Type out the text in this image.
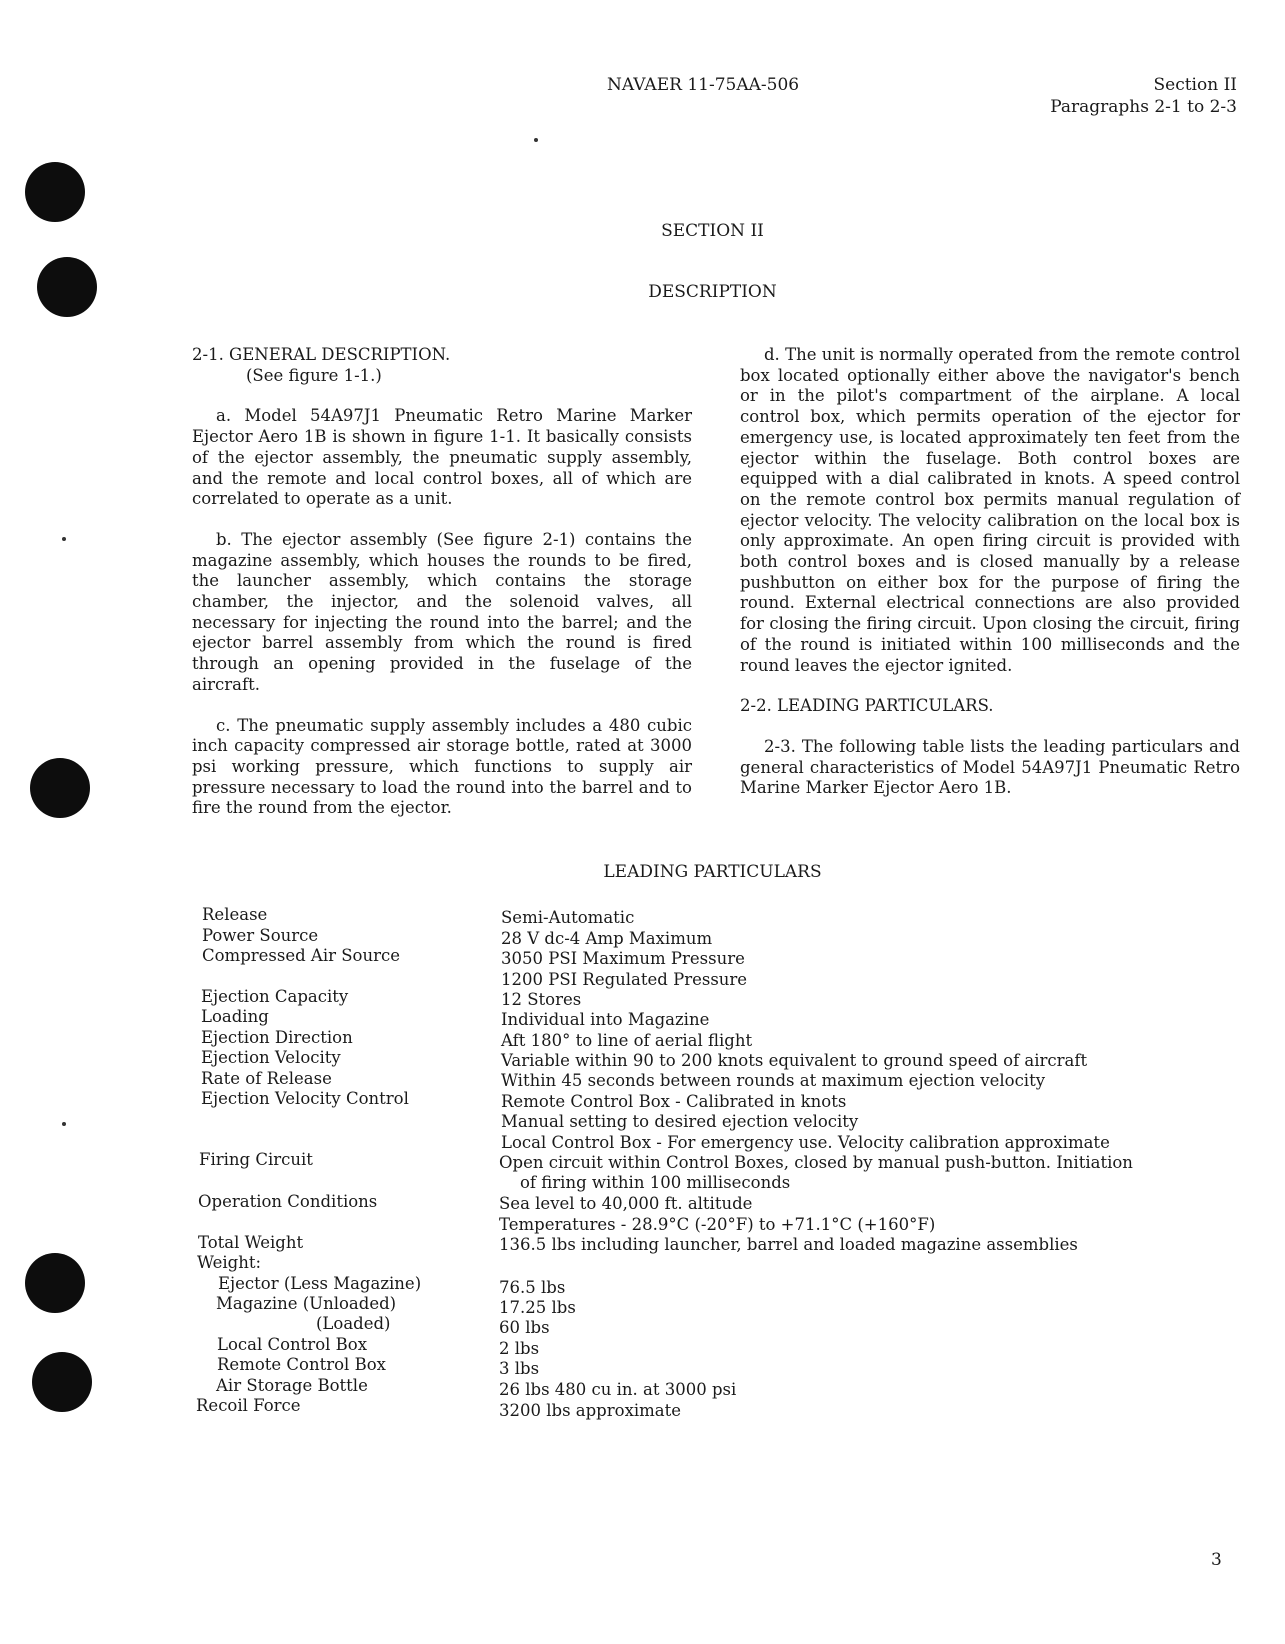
NAVAER 11-75AA-506	Section II
Paragraphs 2-1 to 2-3
SECTION II
DESCRIPTION

2-1. GENERAL DESCRIPTION.

(See figure 1-1.)

a. Model 54A97J1 Pneumatic Retro Marine Marker Ejector Aero 1B is shown in figure 1-1. It basically consists of the ejector assembly, the pneumatic supply assembly, and the remote and local control boxes, all of which are correlated to operate as a unit.

b. The ejector assembly (See figure 2-1) contains the magazine assembly, which houses the rounds to be fired, the launcher assembly, which contains the storage chamber, the injector, and the solenoid valves, all necessary for injecting the round into the barrel; and the ejector barrel assembly from which the round is fired through an opening provided in the fuselage of the aircraft.

c. The pneumatic supply assembly includes a 480 cubic inch capacity compressed air storage bottle, rated at 3000 psi working pressure, which functions to supply air pressure necessary to load the round into the barrel and to fire the round from the ejector.

d. The unit is normally operated from the remote control box located optionally either above the navigator's bench or in the pilot's compartment of the airplane. A local control box, which permits operation of the ejector for emergency use, is located approximately ten feet from the ejector within the fuselage. Both control boxes are equipped with a dial calibrated in knots. A speed control on the remote control box permits manual regulation of ejector velocity. The velocity calibration on the local box is only approximate. An open firing circuit is provided with both control boxes and is closed manually by a release pushbutton on either box for the purpose of firing the round. External electrical connections are also provided for closing the firing circuit. Upon closing the circuit, firing of the round is initiated within 100 milliseconds and the round leaves the ejector ignited.

2-2. LEADING PARTICULARS.

2-3. The following table lists the leading particulars and general characteristics of Model 54A97J1 Pneumatic Retro Marine Marker Ejector Aero 1B.

LEADING PARTICULARS
Release
Power Source
Compressed Air Source
Ejection Capacity
Loading
Ejection Direction
Ejection Velocity
Rate of Release
Ejection Velocity Control
Firing Circuit
Operation Conditions
Total Weight
Weight:
Ejector (Less Magazine)
Magazine (Unloaded)
(Loaded)
Local Control Box
Remote Control Box
Air Storage Bottle
Recoil Force
Semi-Automatic
28 V dc-4 Amp Maximum
3050 PSI Maximum Pressure
1200 PSI Regulated Pressure
12 Stores
Individual into Magazine
Aft 180° to line of aerial flight
Variable within 90 to 200 knots equivalent to ground speed of aircraft
Within 45 seconds between rounds at maximum ejection velocity
Remote Control Box - Calibrated in knots
Manual setting to desired ejection velocity
Local Control Box - For emergency use. Velocity calibration approximate
Open circuit within Control Boxes, closed by manual push-button. Initiation
of firing within 100 milliseconds
Sea level to 40,000 ft. altitude
Temperatures - 28.9°C (-20°F) to +71.1°C (+160°F)
136.5 lbs including launcher, barrel and loaded magazine assemblies
76.5 lbs
17.25 lbs
60 lbs
2 lbs
3 lbs
26 lbs 480 cu in. at 3000 psi
3200 lbs approximate
3
